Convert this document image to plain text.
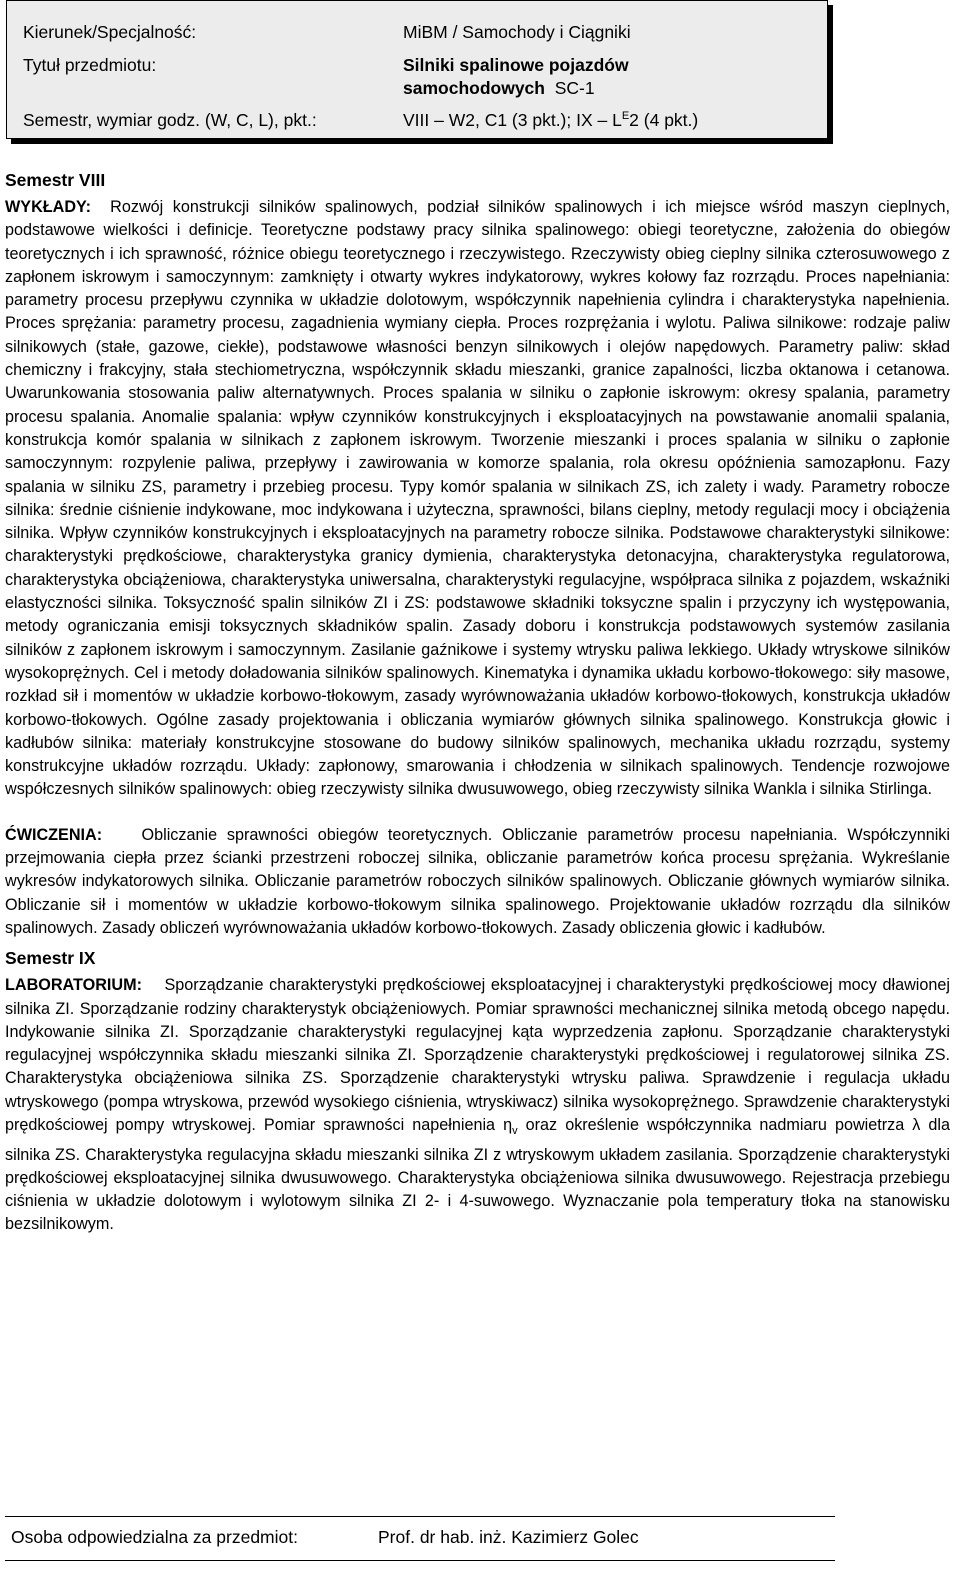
Kierunek/Specjalność:	MiBM / Samochody i Ciągniki
Tytuł przedmiotu:	Silniki spalinowe pojazdów
samochodowych SC-1
Semestr, wymiar godz. (W, C, L), pkt.:	VIII – W2, C1 (3 pkt.); IX – $L^E2$ (4 pkt.)
Semestr VIII

WYKŁADY: Rozwój konstrukcji silników spalinowych, podział silników spalinowych i ich miejsce wśród maszyn cieplnych, podstawowe wielkości i definicje. Teoretyczne podstawy pracy silnika spalinowego: obiegi teoretyczne, założenia do obiegów teoretycznych i ich sprawność, różnice obiegu teoretycznego i rzeczywistego. Rzeczywisty obieg cieplny silnika czterosuwowego z zapłonem iskrowym i samoczynnym: zamknięty i otwarty wykres indykatorowy, wykres kołowy faz rozrządu. Proces napełniania: parametry procesu przepływu czynnika w układzie dolotowym, współczynnik napełnienia cylindra i charakterystyka napełnienia. Proces sprężania: parametry procesu, zagadnienia wymiany ciepła. Proces rozprężania i wylotu. Paliwa silnikowe: rodzaje paliw silnikowych (stałe, gazowe, ciekłe), podstawowe własności benzyn silnikowych i olejów napędowych. Parametry paliw: skład chemiczny i frakcyjny, stała stechiometryczna, współczynnik składu mieszanki, granice zapalności, liczba oktanowa i cetanowa. Uwarunkowania stosowania paliw alternatywnych. Proces spalania w silniku o zapłonie iskrowym: okresy spalania, parametry procesu spalania. Anomalie spalania: wpływ czynników konstrukcyjnych i eksploatacyjnych na powstawanie anomalii spalania, konstrukcja komór spalania w silnikach z zapłonem iskrowym. Tworzenie mieszanki i proces spalania w silniku o zapłonie samoczynnym: rozpylenie paliwa, przepływy i zawirowania w komorze spalania, rola okresu opóźnienia samozapłonu. Fazy spalania w silniku ZS, parametry i przebieg procesu. Typy komór spalania w silnikach ZS, ich zalety i wady. Parametry robocze silnika: średnie ciśnienie indykowane, moc indykowana i użyteczna, sprawności, bilans cieplny, metody regulacji mocy i obciążenia silnika. Wpływ czynników konstrukcyjnych i eksploatacyjnych na parametry robocze silnika. Podstawowe charakterystyki silnikowe: charakterystyki prędkościowe, charakterystyka granicy dymienia, charakterystyka detonacyjna, charakterystyka regulatorowa, charakterystyka obciążeniowa, charakterystyka uniwersalna, charakterystyki regulacyjne, współpraca silnika z pojazdem, wskaźniki elastyczności silnika. Toksyczność spalin silników ZI i ZS: podstawowe składniki toksyczne spalin i przyczyny ich występowania, metody ograniczania emisji toksycznych składników spalin. Zasady doboru i konstrukcja podstawowych systemów zasilania silników z zapłonem iskrowym i samoczynnym. Zasilanie gaźnikowe i systemy wtrysku paliwa lekkiego. Układy wtryskowe silników wysokoprężnych. Cel i metody doładowania silników spalinowych. Kinematyka i dynamika układu korbowo-tłokowego: siły masowe, rozkład sił i momentów w układzie korbowo-tłokowym, zasady wyrównoważania układów korbowo-tłokowych, konstrukcja układów korbowo-tłokowych. Ogólne zasady projektowania i obliczania wymiarów głównych silnika spalinowego. Konstrukcja głowic i kadłubów silnika: materiały konstrukcyjne stosowane do budowy silników spalinowych, mechanika układu rozrządu, systemy konstrukcyjne układów rozrządu. Układy: zapłonowy, smarowania i chłodzenia w silnikach spalinowych. Tendencje rozwojowe współczesnych silników spalinowych: obieg rzeczywisty silnika dwusuwowego, obieg rzeczywisty silnika Wankla i silnika Stirlinga.

ĆWICZENIA: Obliczanie sprawności obiegów teoretycznych. Obliczanie parametrów procesu napełniania. Współczynniki przejmowania ciepła przez ścianki przestrzeni roboczej silnika, obliczanie parametrów końca procesu sprężania. Wykreślanie wykresów indykatorowych silnika. Obliczanie parametrów roboczych silników spalinowych. Obliczanie głównych wymiarów silnika. Obliczanie sił i momentów w układzie korbowo-tłokowym silnika spalinowego. Projektowanie układów rozrządu dla silników spalinowych. Zasady obliczeń wyrównoważania układów korbowo-tłokowych. Zasady obliczenia głowic i kadłubów.

Semestr IX

LABORATORIUM: Sporządzanie charakterystyki prędkościowej eksploatacyjnej i charakterystyki prędkościowej mocy dławionej silnika ZI. Sporządzanie rodziny charakterystyk obciążeniowych. Pomiar sprawności mechanicznej silnika metodą obcego napędu. Indykowanie silnika ZI. Sporządzanie charakterystyki regulacyjnej kąta wyprzedzenia zapłonu. Sporządzanie charakterystyki regulacyjnej współczynnika składu mieszanki silnika ZI. Sporządzenie charakterystyki prędkościowej i regulatorowej silnika ZS. Charakterystyka obciążeniowa silnika ZS. Sporządzenie charakterystyki wtrysku paliwa. Sprawdzenie i regulacja układu wtryskowego (pompa wtryskowa, przewód wysokiego ciśnienia, wtryskiwacz) silnika wysokoprężnego. Sprawdzenie charakterystyki prędkościowej pompy wtryskowej. Pomiar sprawności napełnienia $\eta_v$ oraz określenie współczynnika nadmiaru powietrza λ dla silnika ZS. Charakterystyka regulacyjna składu mieszanki silnika ZI z wtryskowym układem zasilania. Sporządzenie charakterystyki prędkościowej eksploatacyjnej silnika dwusuwowego. Charakterystyka obciążeniowa silnika dwusuwowego. Rejestracja przebiegu ciśnienia w układzie dolotowym i wylotowym silnika ZI 2- i 4-suwowego. Wyznaczanie pola temperatury tłoka na stanowisku bezsilnikowym.

Osoba odpowiedzialna za przedmiot:	Prof. dr hab. inż. Kazimierz Golec
